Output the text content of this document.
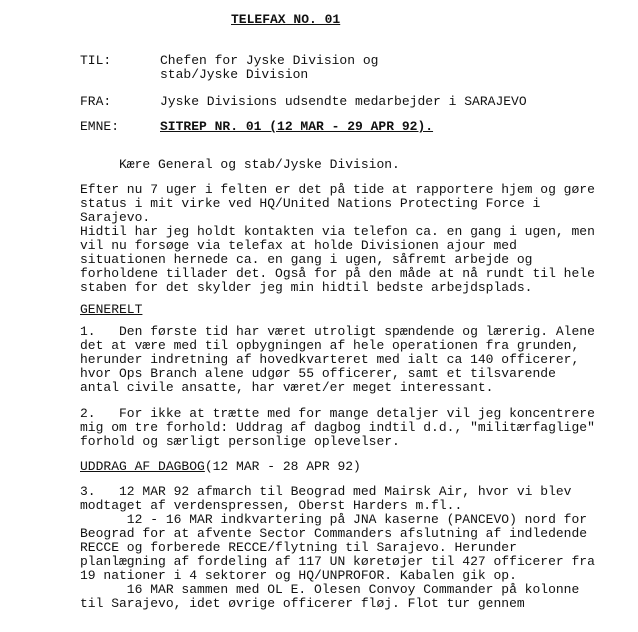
TELEFAX NO. 01
TIL:	Chefen for Jyske Division og
stab/Jyske Division
FRA:	Jyske Divisions udsendte medarbejder i SARAJEVO
EMNE:	SITREP NR. 01 (12 MAR - 29 APR 92).
Kære General og stab/Jyske Division.
Efter nu 7 uger i felten er det på tide at rapportere hjem og gøre
status i mit virke ved HQ/United Nations Protecting Force i
Sarajevo.
Hidtil har jeg holdt kontakten via telefon ca. en gang i ugen, men
vil nu forsøge via telefax at holde Divisionen ajour med
situationen hernede ca. en gang i ugen, såfremt arbejde og
forholdene tillader det. Også for på den måde at nå rundt til hele
staben for det skylder jeg min hidtil bedste arbejdsplads.
GENERELT
1.   Den første tid har været utroligt spændende og lærerig. Alene
det at være med til opbygningen af hele operationen fra grunden,
herunder indretning af hovedkvarteret med ialt ca 140 officerer,
hvor Ops Branch alene udgør 55 officerer, samt et tilsvarende
antal civile ansatte, har været/er meget interessant.
2.   For ikke at trætte med for mange detaljer vil jeg koncentrere
mig om tre forhold: Uddrag af dagbog indtil d.d., "militærfaglige"
forhold og særligt personlige oplevelser.
UDDRAG AF DAGBOG(12 MAR - 28 APR 92)
3.   12 MAR 92 afmarch til Beograd med Mairsk Air, hvor vi blev
modtaget af verdenspressen, Oberst Harders m.fl..
12 - 16 MAR indkvartering på JNA kaserne (PANCEVO) nord for
Beograd for at afvente Sector Commanders afslutning af indledende
RECCE og forberede RECCE/flytning til Sarajevo. Herunder
planlægning af fordeling af 117 UN køretøjer til 427 officerer fra
19 nationer i 4 sektorer og HQ/UNPROFOR. Kabalen gik op.
16 MAR sammen med OL E. Olesen Convoy Commander på kolonne
til Sarajevo, idet øvrige officerer fløj. Flot tur gennem
